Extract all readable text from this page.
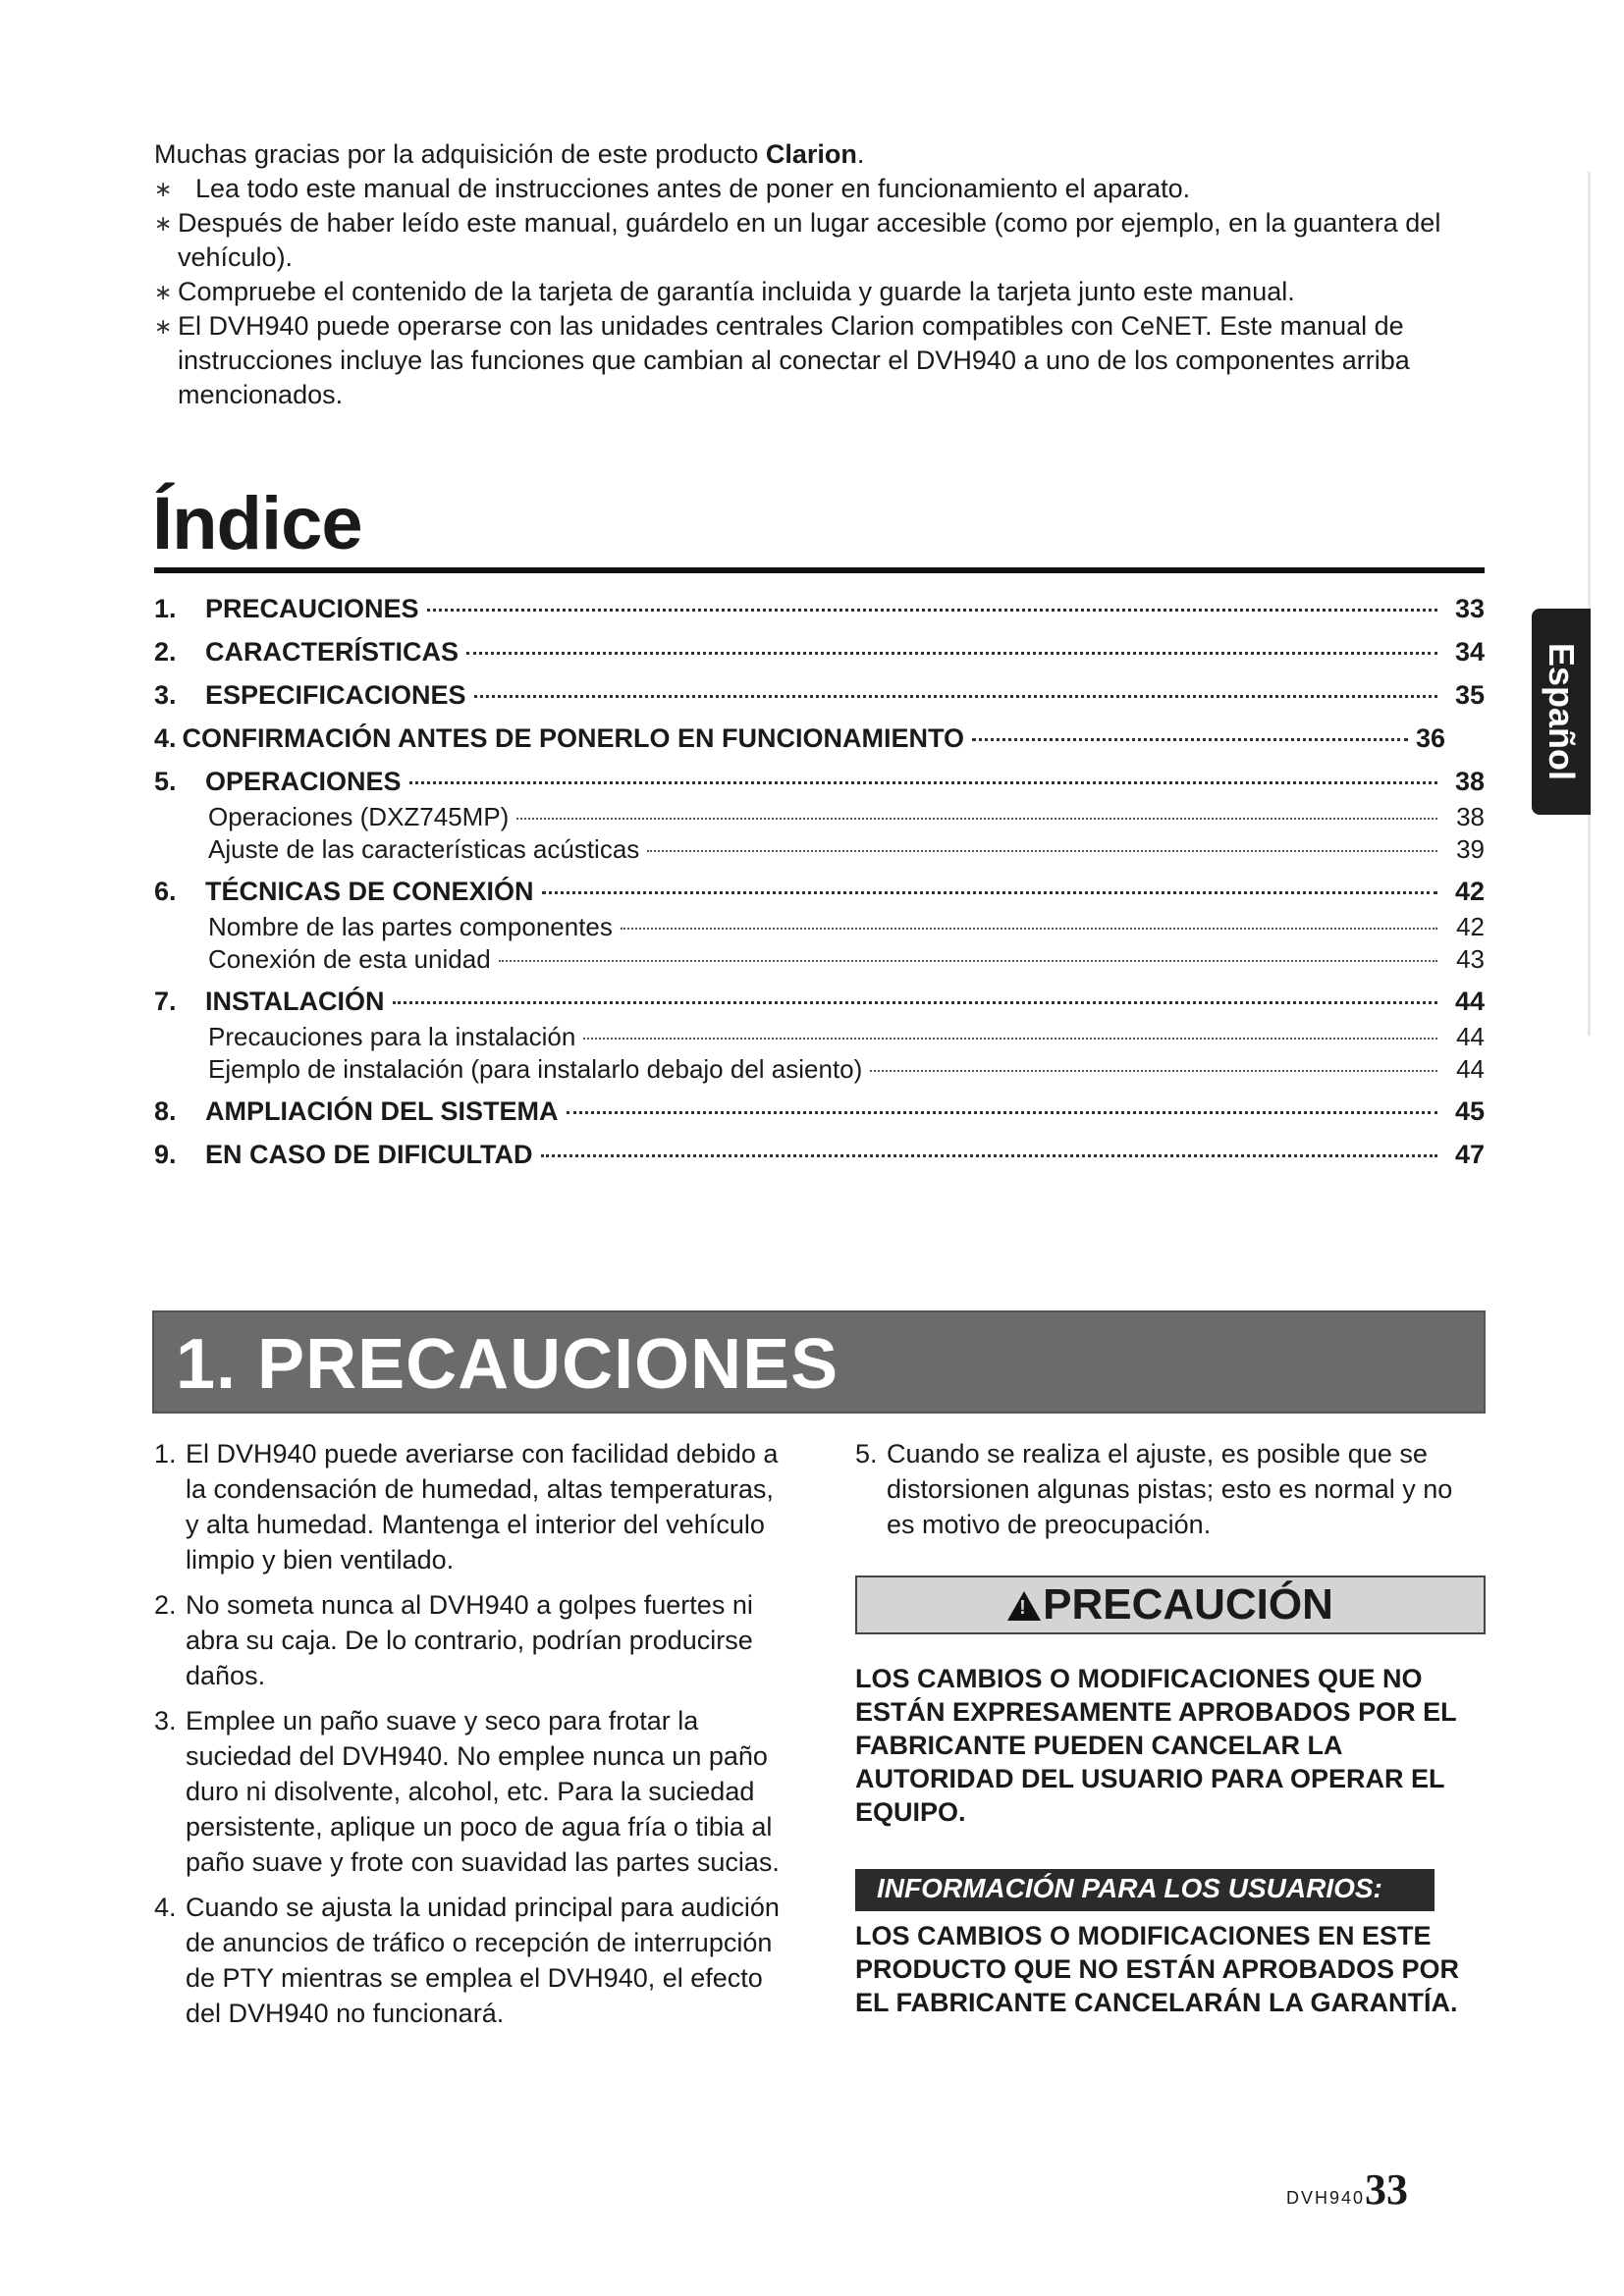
Muchas gracias por la adquisición de este producto Clarion.
∗ Lea todo este manual de instrucciones antes de poner en funcionamiento el aparato.
∗ Después de haber leído este manual, guárdelo en un lugar accesible (como por ejemplo, en la guantera del vehículo).
∗ Compruebe el contenido de la tarjeta de garantía incluida y guarde la tarjeta junto este manual.
∗ El DVH940 puede operarse con las unidades centrales Clarion compatibles con CeNET. Este manual de instrucciones incluye las funciones que cambian al conectar el DVH940 a uno de los componentes arriba mencionados.
Índice
1.	PRECAUCIONES	33
2.	CARACTERÍSTICAS	34
3.	ESPECIFICACIONES	35
4. CONFIRMACIÓN ANTES DE PONERLO EN FUNCIONAMIENTO	36
5.	OPERACIONES	38
Operaciones (DXZ745MP)	38
Ajuste de las características acústicas	39
6.	TÉCNICAS DE CONEXIÓN	42
Nombre de las partes componentes	42
Conexión de esta unidad	43
7.	INSTALACIÓN	44
Precauciones para la instalación	44
Ejemplo de instalación (para instalarlo debajo del asiento)	44
8.	AMPLIACIÓN DEL SISTEMA	45
9.	EN CASO DE DIFICULTAD	47
Español
1. PRECAUCIONES
1. El DVH940 puede averiarse con facilidad debido a la condensación de humedad, altas temperaturas, y alta humedad. Mantenga el interior del vehículo limpio y bien ventilado.
2. No someta nunca al DVH940 a golpes fuertes ni abra su caja. De lo contrario, podrían producirse daños.
3. Emplee un paño suave y seco para frotar la suciedad del DVH940. No emplee nunca un paño duro ni disolvente, alcohol, etc. Para la suciedad persistente, aplique un poco de agua fría o tibia al paño suave y frote con suavidad las partes sucias.
4. Cuando se ajusta la unidad principal para audición de anuncios de tráfico o recepción de interrupción de PTY mientras se emplea el DVH940, el efecto del DVH940 no funcionará.
5. Cuando se realiza el ajuste, es posible que se distorsionen algunas pistas; esto es normal y no es motivo de preocupación.
!PRECAUCIÓN
LOS CAMBIOS O MODIFICACIONES QUE NO ESTÁN EXPRESAMENTE APROBADOS POR EL FABRICANTE PUEDEN CANCELAR LA AUTORIDAD DEL USUARIO PARA OPERAR EL EQUIPO.
INFORMACIÓN PARA LOS USUARIOS:
LOS CAMBIOS O MODIFICACIONES EN ESTE PRODUCTO QUE NO ESTÁN APROBADOS POR EL FABRICANTE CANCELARÁN LA GARANTÍA.
DVH94033
